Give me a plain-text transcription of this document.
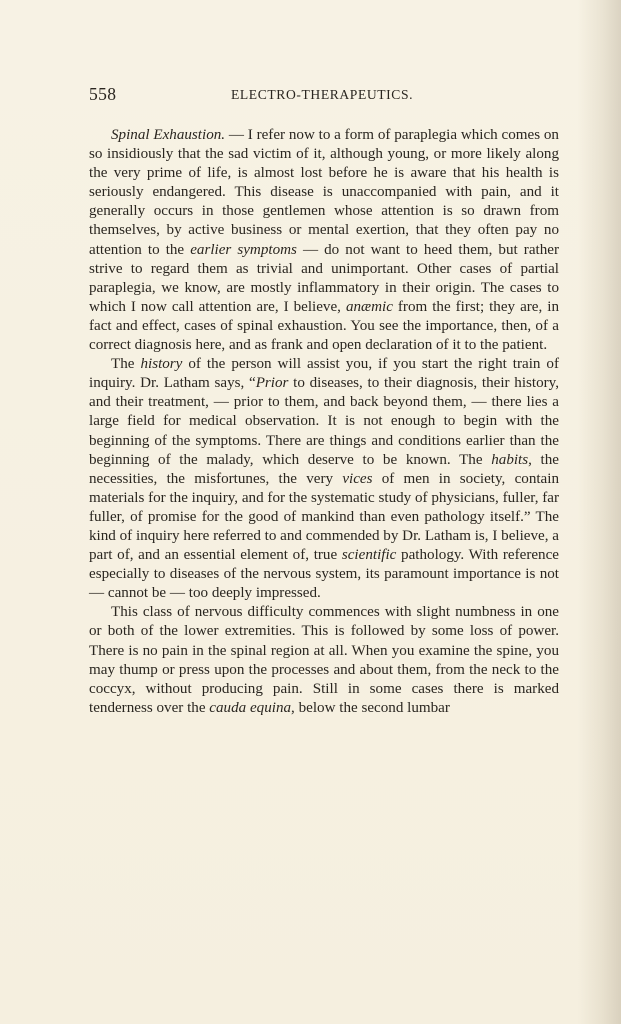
558	ELECTRO-THERAPEUTICS.

Spinal Exhaustion. — I refer now to a form of paraplegia which comes on so insidiously that the sad victim of it, although young, or more likely along the very prime of life, is almost lost before he is aware that his health is seriously endangered. This disease is unaccompanied with pain, and it generally occurs in those gentlemen whose attention is so drawn from themselves, by active business or mental exertion, that they often pay no attention to the earlier symptoms — do not want to heed them, but rather strive to regard them as trivial and unimportant. Other cases of partial paraplegia, we know, are mostly inflammatory in their origin. The cases to which I now call attention are, I believe, anæmic from the first; they are, in fact and effect, cases of spinal exhaustion. You see the importance, then, of a correct diagnosis here, and as frank and open declaration of it to the patient.

The history of the person will assist you, if you start the right train of inquiry. Dr. Latham says, “Prior to diseases, to their diagnosis, their history, and their treatment, — prior to them, and back beyond them, — there lies a large field for medical observation. It is not enough to begin with the beginning of the symptoms. There are things and conditions earlier than the beginning of the malady, which deserve to be known. The habits, the necessities, the misfortunes, the very vices of men in society, contain materials for the inquiry, and for the systematic study of physicians, fuller, far fuller, of promise for the good of mankind than even pathology itself.” The kind of inquiry here referred to and commended by Dr. Latham is, I believe, a part of, and an essential element of, true scientific pathology. With reference especially to diseases of the nervous system, its paramount importance is not — cannot be — too deeply impressed.

This class of nervous difficulty commences with slight numbness in one or both of the lower extremities. This is followed by some loss of power. There is no pain in the spinal region at all. When you examine the spine, you may thump or press upon the processes and about them, from the neck to the coccyx, without producing pain. Still in some cases there is marked tenderness over the cauda equina, below the second lumbar
